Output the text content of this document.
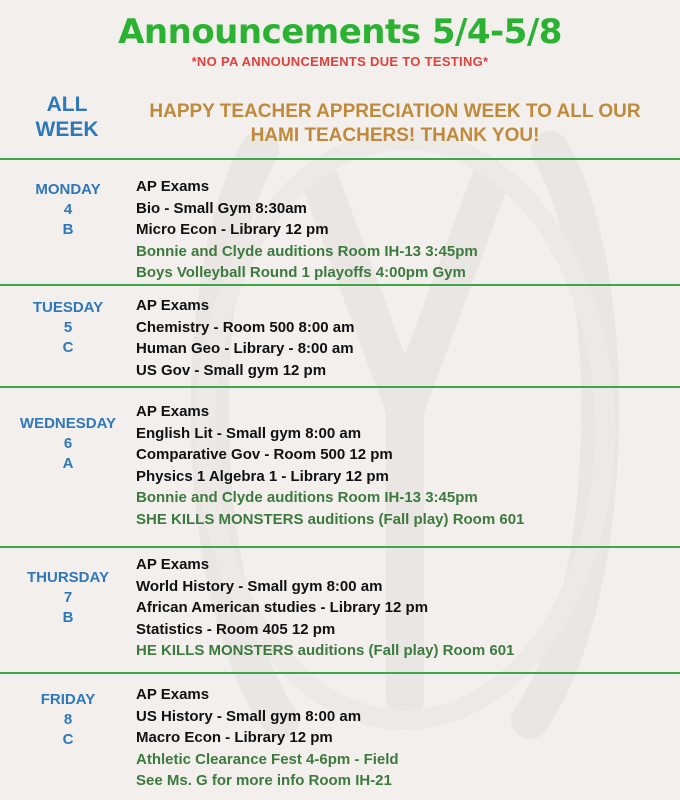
Announcements 5/4-5/8
*NO PA ANNOUNCEMENTS DUE TO TESTING*
ALL
WEEK
HAPPY TEACHER APPRECIATION WEEK TO ALL OUR
HAMI TEACHERS! THANK YOU!
MONDAY
4
B
AP Exams
Bio - Small Gym 8:30am
Micro Econ - Library 12 pm
Bonnie and Clyde auditions Room IH-13 3:45pm
Boys Volleyball Round 1 playoffs 4:00pm Gym
TUESDAY
5
C
AP Exams
Chemistry - Room 500 8:00 am
Human Geo - Library - 8:00 am
US Gov - Small gym 12 pm
WEDNESDAY
6
A
AP Exams
English Lit - Small gym 8:00 am
Comparative Gov - Room 500 12 pm
Physics 1 Algebra 1 - Library 12 pm
Bonnie and Clyde auditions Room IH-13 3:45pm
SHE KILLS MONSTERS auditions (Fall play) Room 601
THURSDAY
7
B
AP Exams
World History - Small gym 8:00 am
African American studies - Library 12 pm
Statistics - Room 405 12 pm
HE KILLS MONSTERS auditions (Fall play) Room 601
FRIDAY
8
C
AP Exams
US History - Small gym 8:00 am
Macro Econ - Library 12 pm
Athletic Clearance Fest 4-6pm - Field
See Ms. G for more info Room IH-21
